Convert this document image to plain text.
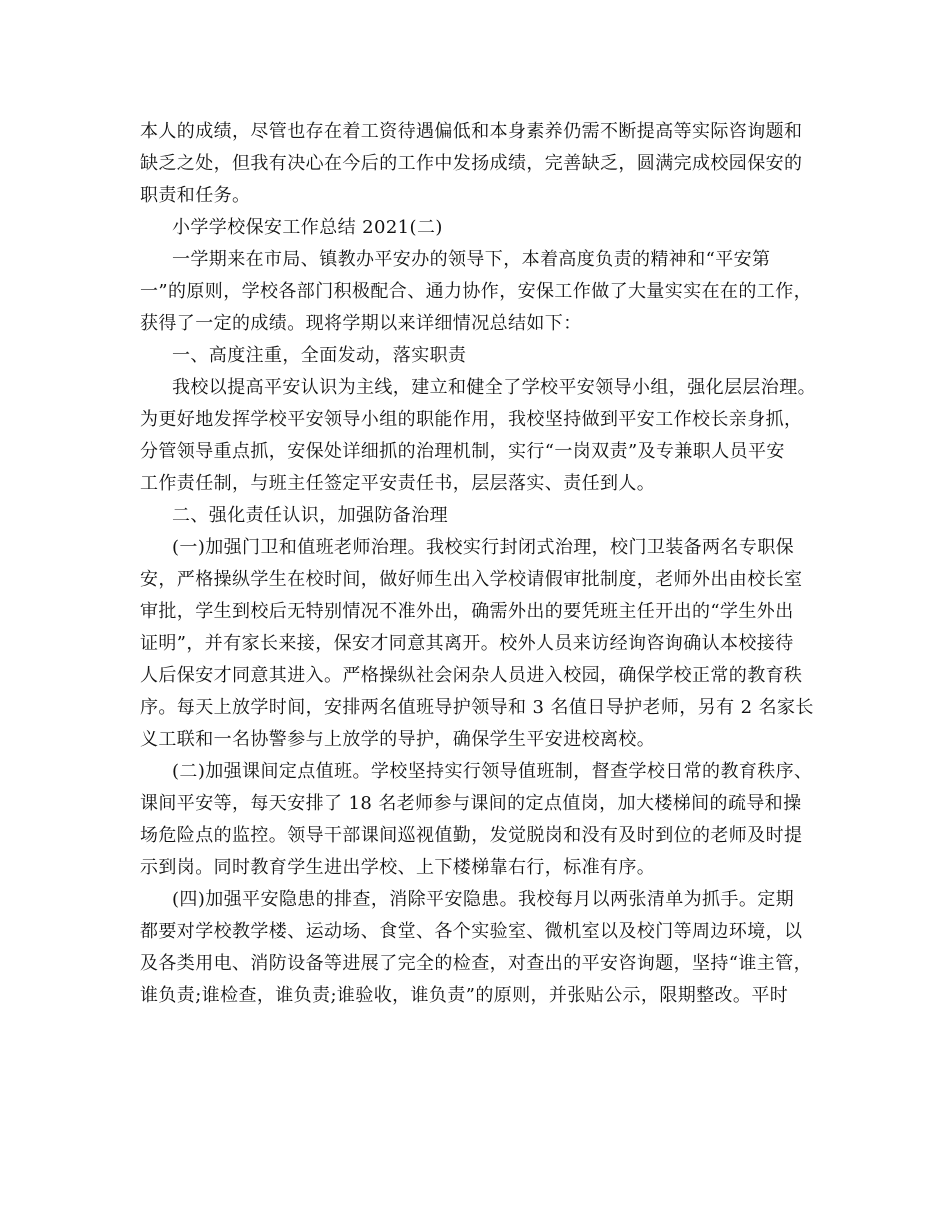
本人的成绩，尽管也存在着工资待遇偏低和本身素养仍需不断提高等实际咨询题和
缺乏之处，但我有决心在今后的工作中发扬成绩，完善缺乏，圆满完成校园保安的
职责和任务。
小学学校保安工作总结 2021(二)
一学期来在市局、镇教办平安办的领导下，本着高度负责的精神和“平安第
一”的原则，学校各部门积极配合、通力协作，安保工作做了大量实实在在的工作，
获得了一定的成绩。现将学期以来详细情况总结如下：
一、高度注重，全面发动，落实职责
我校以提高平安认识为主线，建立和健全了学校平安领导小组，强化层层治理。
为更好地发挥学校平安领导小组的职能作用，我校坚持做到平安工作校长亲身抓，
分管领导重点抓，安保处详细抓的治理机制，实行“一岗双责”及专兼职人员平安
工作责任制，与班主任签定平安责任书，层层落实、责任到人。
二、强化责任认识，加强防备治理
(一)加强门卫和值班老师治理。我校实行封闭式治理，校门卫装备两名专职保
安，严格操纵学生在校时间，做好师生出入学校请假审批制度，老师外出由校长室
审批，学生到校后无特别情况不准外出，确需外出的要凭班主任开出的“学生外出
证明”，并有家长来接，保安才同意其离开。校外人员来访经询咨询确认本校接待
人后保安才同意其进入。严格操纵社会闲杂人员进入校园，确保学校正常的教育秩
序。每天上放学时间，安排两名值班导护领导和 3 名值日导护老师，另有 2 名家长
义工联和一名协警参与上放学的导护，确保学生平安进校离校。
(二)加强课间定点值班。学校坚持实行领导值班制，督查学校日常的教育秩序、
课间平安等，每天安排了 18 名老师参与课间的定点值岗，加大楼梯间的疏导和操
场危险点的监控。领导干部课间巡视值勤，发觉脱岗和没有及时到位的老师及时提
示到岗。同时教育学生进出学校、上下楼梯靠右行，标准有序。
(四)加强平安隐患的排查，消除平安隐患。我校每月以两张清单为抓手。定期
都要对学校教学楼、运动场、食堂、各个实验室、微机室以及校门等周边环境，以
及各类用电、消防设备等进展了完全的检查，对查出的平安咨询题，坚持“谁主管，
谁负责;谁检查，谁负责;谁验收，谁负责”的原则，并张贴公示，限期整改。平时
